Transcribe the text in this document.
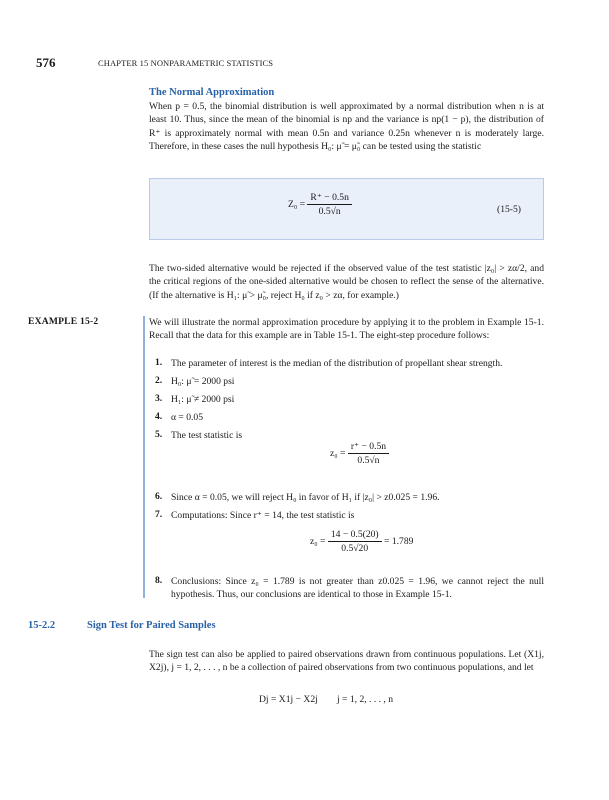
576	CHAPTER 15 NONPARAMETRIC STATISTICS
The Normal Approximation
When p = 0.5, the binomial distribution is well approximated by a normal distribution when n is at least 10. Thus, since the mean of the binomial is np and the variance is np(1 − p), the distribution of R⁺ is approximately normal with mean 0.5n and variance 0.25n whenever n is moderately large. Therefore, in these cases the null hypothesis H₀: μ̃ = μ̃₀ can be tested using the statistic
Z₀ =
$\frac{R^+ - 0.5n}{0.5√n}$	(15-5)
The two-sided alternative would be rejected if the observed value of the test statistic |z₀| > zα/2, and the critical regions of the one-sided alternative would be chosen to reflect the sense of the alternative. (If the alternative is H₁: μ̃ > μ̃₀, reject H₀ if z₀ > zα, for example.)
EXAMPLE 15-2	We will illustrate the normal approximation procedure by applying it to the problem in Example 15-1. Recall that the data for this example are in Table 15-1. The eight-step procedure follows:
1. The parameter of interest is the median of the distribution of propellant shear strength.
2. H₀: μ̃ = 2000 psi
3. H₁: μ̃ ≠ 2000 psi
4. α = 0.05
5. The test statistic is
z₀ =
$\frac{r^+ - 0.5n}{0.5√n}$
6. Since α = 0.05, we will reject H₀ in favor of H₁ if |z₀| > z0.025 = 1.96.
7. Computations: Since r⁺ = 14, the test statistic is
z₀ =
$\frac{14 - 0.5(20)}{0.5√20}$
= 1.789
8. Conclusions: Since z₀ = 1.789 is not greater than z0.025 = 1.96, we cannot reject the null hypothesis. Thus, our conclusions are identical to those in Example 15-1.
15-2.2	Sign Test for Paired Samples
The sign test can also be applied to paired observations drawn from continuous populations. Let (X1j, X2j), j = 1, 2, . . . , n be a collection of paired observations from two continuous populations, and let
Dj = X1j − X2j        j = 1, 2, . . . , n
